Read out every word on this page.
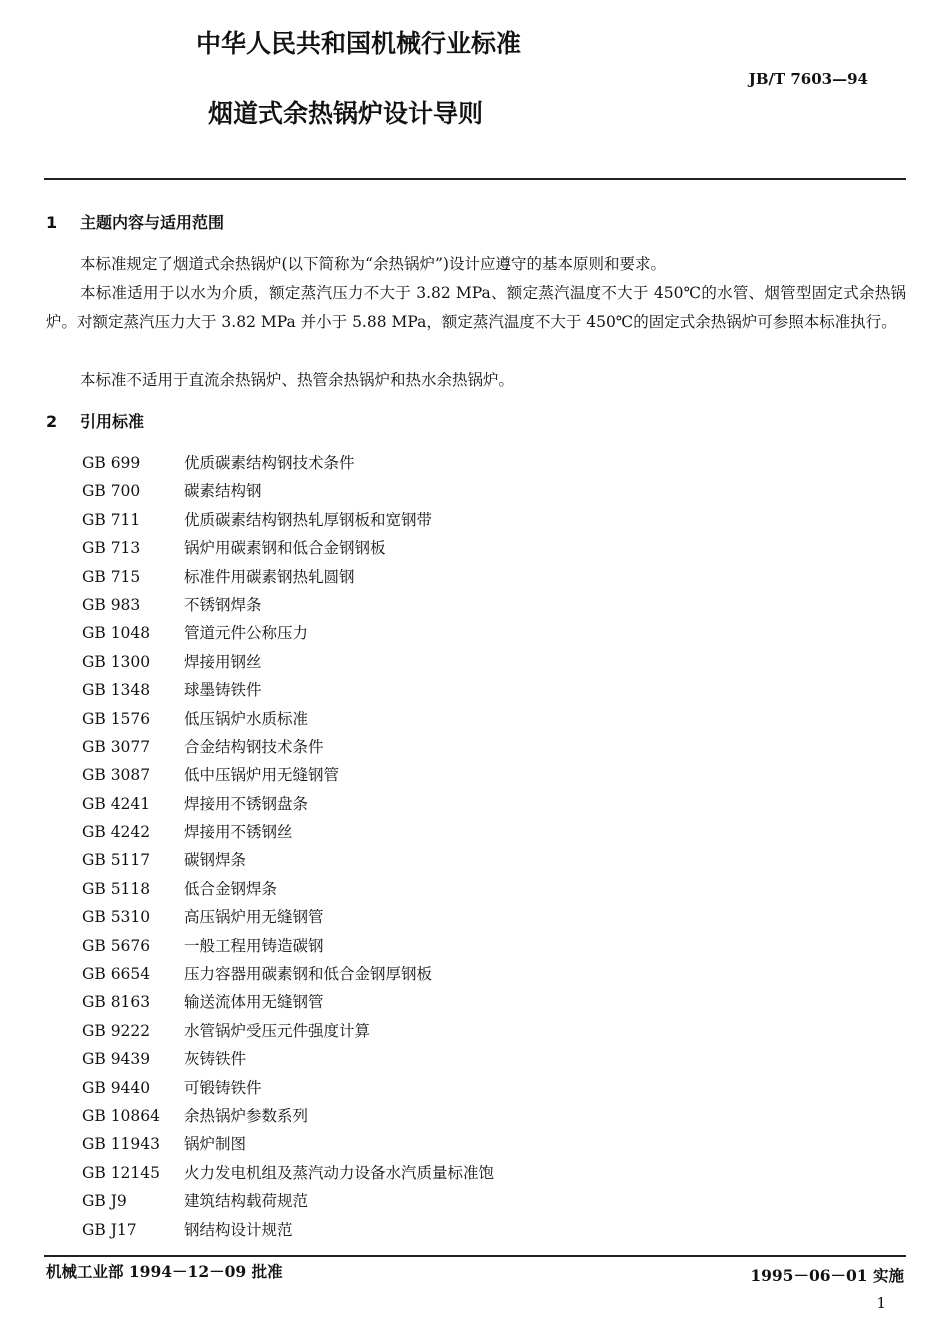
中华人民共和国机械行业标准
JB/T 7603—94
烟道式余热锅炉设计导则
1 主题内容与适用范围
本标准规定了烟道式余热锅炉(以下简称为“余热锅炉”)设计应遵守的基本原则和要求。
本标准适用于以水为介质，额定蒸汽压力不大于 3.82 MPa、额定蒸汽温度不大于 450℃的水管、烟管型固定式余热锅炉。对额定蒸汽压力大于 3.82 MPa 并小于 5.88 MPa，额定蒸汽温度不大于 450℃的固定式余热锅炉可参照本标准执行。
本标准不适用于直流余热锅炉、热管余热锅炉和热水余热锅炉。
2 引用标准
GB 699	优质碳素结构钢技术条件
GB 700	碳素结构钢
GB 711	优质碳素结构钢热轧厚钢板和宽钢带
GB 713	锅炉用碳素钢和低合金钢钢板
GB 715	标准件用碳素钢热轧圆钢
GB 983	不锈钢焊条
GB 1048 管道元件公称压力
GB 1300 焊接用钢丝
GB 1348 球墨铸铁件
GB 1576 低压锅炉水质标准
GB 3077 合金结构钢技术条件
GB 3087 低中压锅炉用无缝钢管
GB 4241 焊接用不锈钢盘条
GB 4242 焊接用不锈钢丝
GB 5117 碳钢焊条
GB 5118 低合金钢焊条
GB 5310 高压锅炉用无缝钢管
GB 5676 一般工程用铸造碳钢
GB 6654 压力容器用碳素钢和低合金钢厚钢板
GB 8163 输送流体用无缝钢管
GB 9222 水管锅炉受压元件强度计算
GB 9439 灰铸铁件
GB 9440 可锻铸铁件
GB 10864 余热锅炉参数系列
GB 11943 锅炉制图
GB 12145 火力发电机组及蒸汽动力设备水汽质量标准饱
GB J9	建筑结构载荷规范
GB J17	钢结构设计规范
机械工业部 1994－12－09 批准	1995－06－01 实施
1
